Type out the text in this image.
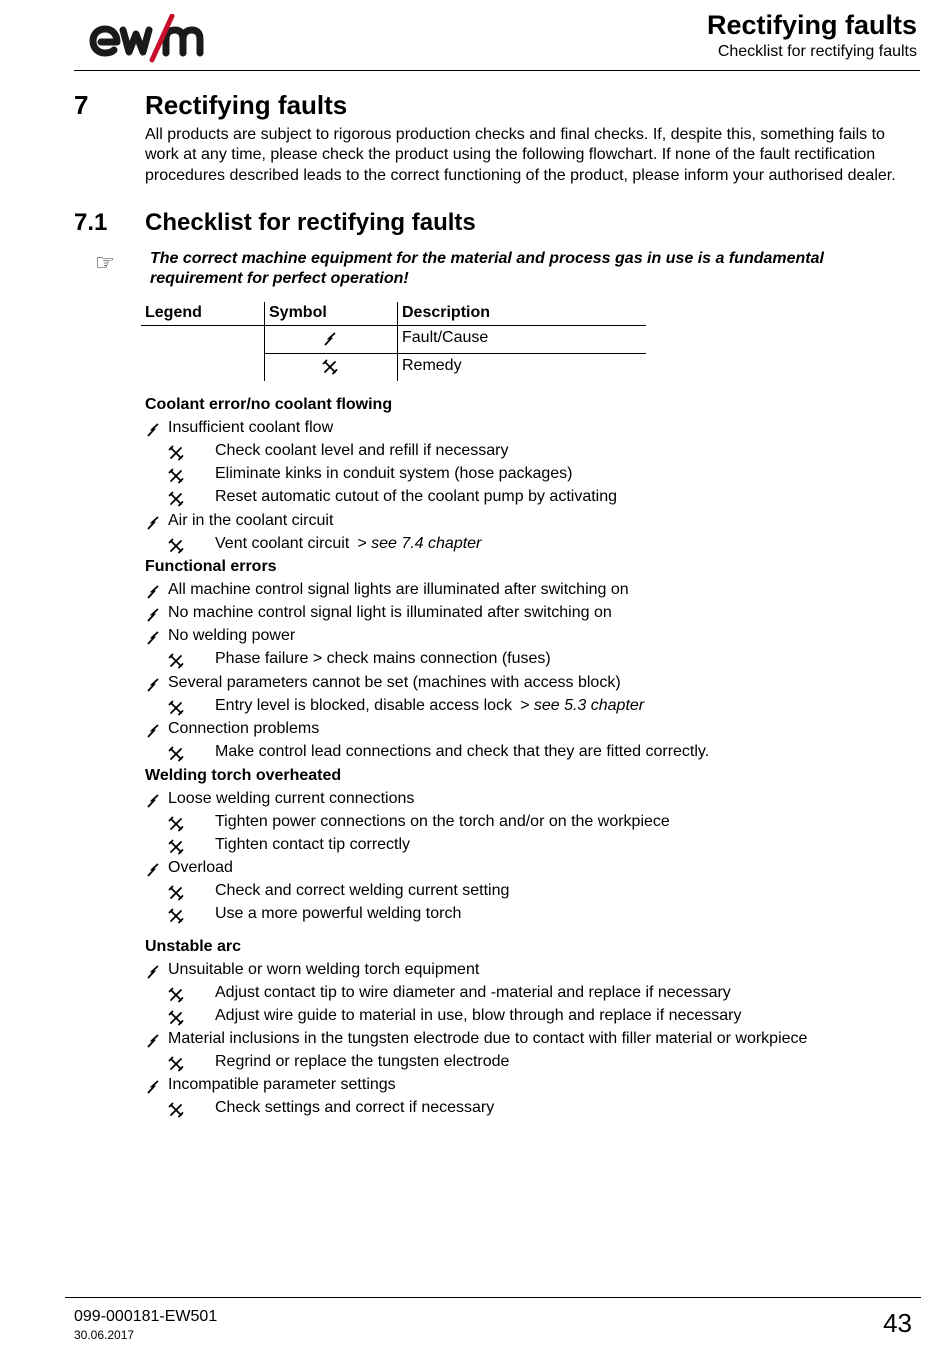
ewm	Rectifying faults
Checklist for rectifying faults
7 Rectifying faults
All products are subject to rigorous production checks and final checks. If, despite this, something fails to work at any time, please check the product using the following flowchart. If none of the fault rectification procedures described leads to the correct functioning of the product, please inform your authorised dealer.
7.1 Checklist for rectifying faults
☞ The correct machine equipment for the material and process gas in use is a fundamental requirement for perfect operation!
Legend	Symbol	Description
Fault/Cause
Remedy
Coolant error/no coolant flowing
Insufficient coolant flow
Check coolant level and refill if necessary
Eliminate kinks in conduit system (hose packages)
Reset automatic cutout of the coolant pump by activating
Air in the coolant circuit
Vent coolant circuit > see 7.4 chapter
Functional errors
All machine control signal lights are illuminated after switching on
No machine control signal light is illuminated after switching on
No welding power
Phase failure > check mains connection (fuses)
Several parameters cannot be set (machines with access block)
Entry level is blocked, disable access lock > see 5.3 chapter
Connection problems
Make control lead connections and check that they are fitted correctly.
Welding torch overheated
Loose welding current connections
Tighten power connections on the torch and/or on the workpiece
Tighten contact tip correctly
Overload
Check and correct welding current setting
Use a more powerful welding torch
Unstable arc
Unsuitable or worn welding torch equipment
Adjust contact tip to wire diameter and -material and replace if necessary
Adjust wire guide to material in use, blow through and replace if necessary
Material inclusions in the tungsten electrode due to contact with filler material or workpiece
Regrind or replace the tungsten electrode
Incompatible parameter settings
Check settings and correct if necessary
099-000181-EW501
30.06.2017	43
